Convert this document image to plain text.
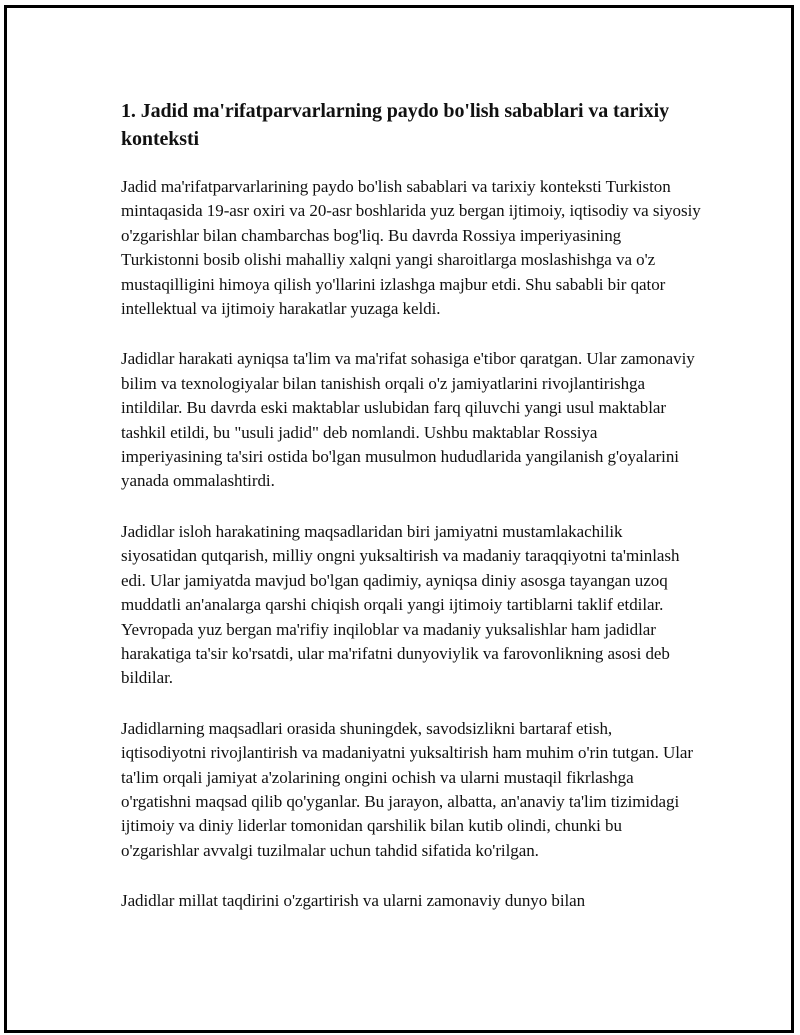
1. Jadid ma'rifatparvarlarning paydo bo'lish sabablari va tarixiy konteksti

Jadid ma'rifatparvarlarining paydo bo'lish sabablari va tarixiy konteksti Turkiston mintaqasida 19-asr oxiri va 20-asr boshlarida yuz bergan ijtimoiy, iqtisodiy va siyosiy o'zgarishlar bilan chambarchas bog'liq. Bu davrda Rossiya imperiyasining Turkistonni bosib olishi mahalliy xalqni yangi sharoitlarga moslashishga va o'z mustaqilligini himoya qilish yo'llarini izlashga majbur etdi. Shu sababli bir qator intellektual va ijtimoiy harakatlar yuzaga keldi.

Jadidlar harakati ayniqsa ta'lim va ma'rifat sohasiga e'tibor qaratgan. Ular zamonaviy bilim va texnologiyalar bilan tanishish orqali o'z jamiyatlarini rivojlantirishga intildilar. Bu davrda eski maktablar uslubidan farq qiluvchi yangi usul maktablar tashkil etildi, bu "usuli jadid" deb nomlandi. Ushbu maktablar Rossiya imperiyasining ta'siri ostida bo'lgan musulmon hududlarida yangilanish g'oyalarini yanada ommalashtirdi.

Jadidlar isloh harakatining maqsadlaridan biri jamiyatni mustamlakachilik siyosatidan qutqarish, milliy ongni yuksaltirish va madaniy taraqqiyotni ta'minlash edi. Ular jamiyatda mavjud bo'lgan qadimiy, ayniqsa diniy asosga tayangan uzoq muddatli an'analarga qarshi chiqish orqali yangi ijtimoiy tartiblarni taklif etdilar. Yevropada yuz bergan ma'rifiy inqiloblar va madaniy yuksalishlar ham jadidlar harakatiga ta'sir ko'rsatdi, ular ma'rifatni dunyoviylik va farovonlikning asosi deb bildilar.

Jadidlarning maqsadlari orasida shuningdek, savodsizlikni bartaraf etish, iqtisodiyotni rivojlantirish va madaniyatni yuksaltirish ham muhim o'rin tutgan. Ular ta'lim orqali jamiyat a'zolarining ongini ochish va ularni mustaqil fikrlashga o'rgatishni maqsad qilib qo'yganlar. Bu jarayon, albatta, an'anaviy ta'lim tizimidagi ijtimoiy va diniy liderlar tomonidan qarshilik bilan kutib olindi, chunki bu o'zgarishlar avvalgi tuzilmalar uchun tahdid sifatida ko'rilgan.

Jadidlar millat taqdirini o'zgartirish va ularni zamonaviy dunyo bilan
